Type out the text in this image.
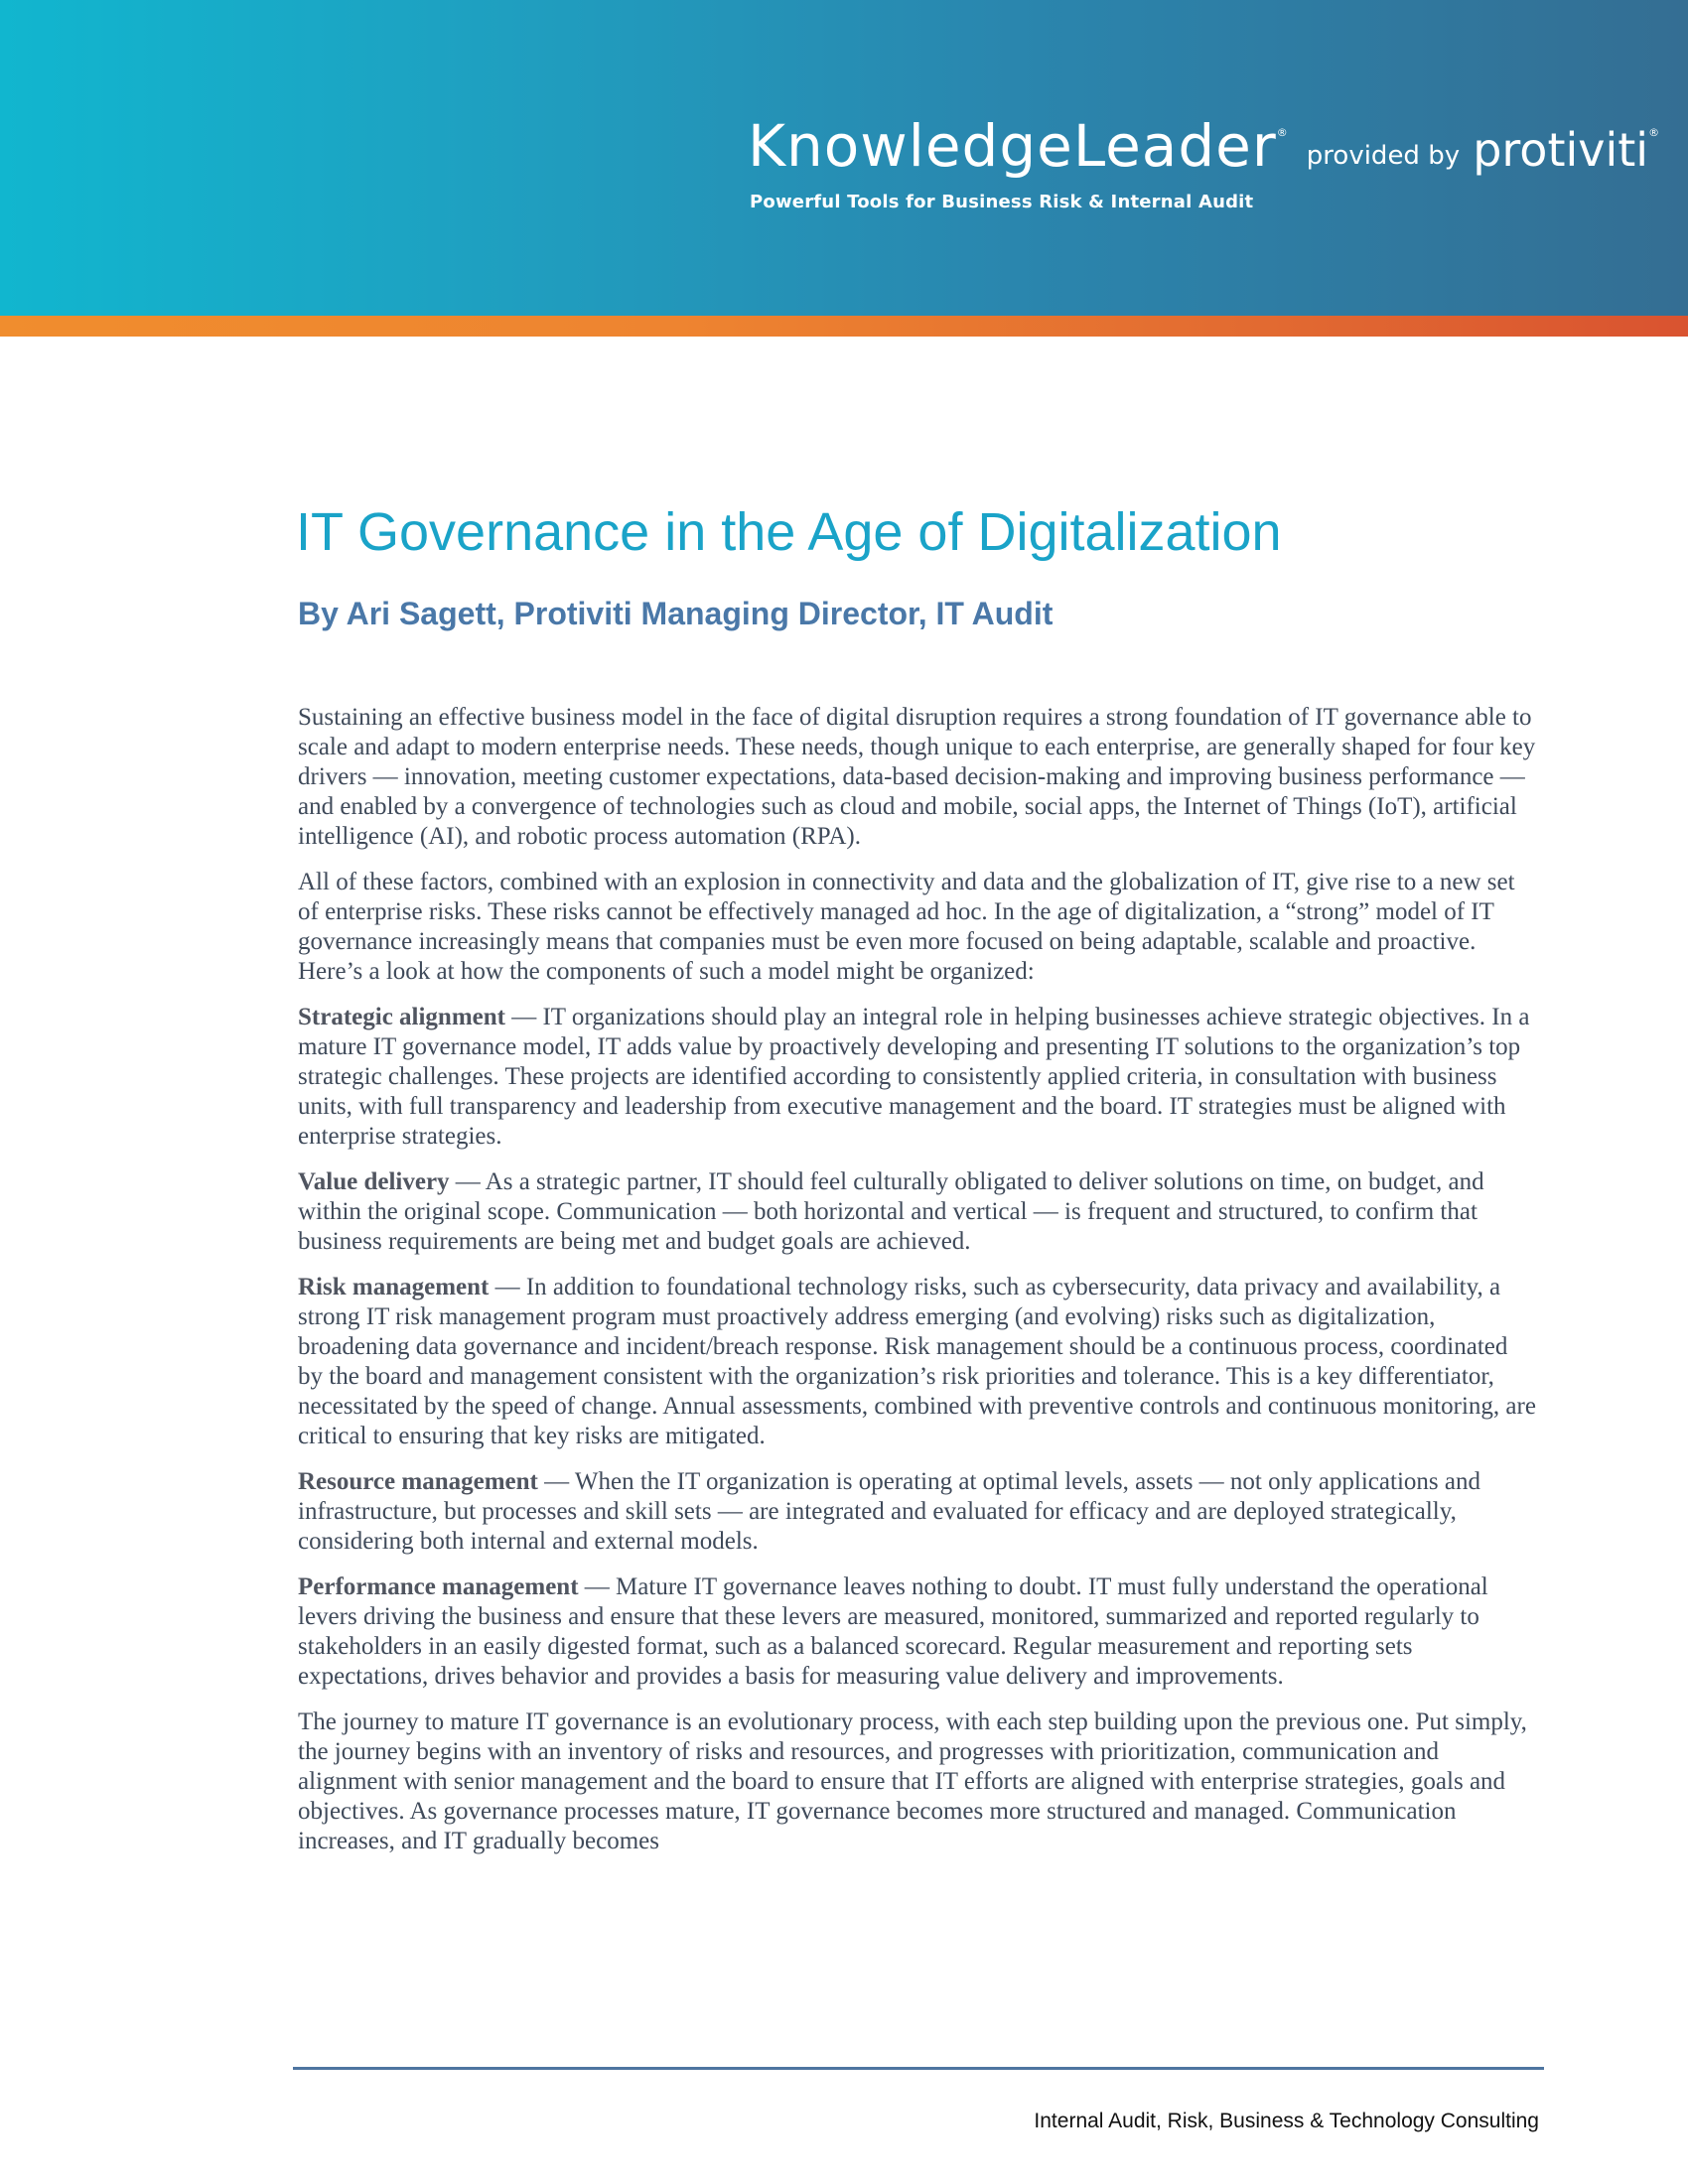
KnowledgeLeader® provided by protiviti®
Powerful Tools for Business Risk & Internal Audit
IT Governance in the Age of Digitalization
By Ari Sagett, Protiviti Managing Director, IT Audit

Sustaining an effective business model in the face of digital disruption requires a strong foundation of IT governance able to scale and adapt to modern enterprise needs. These needs, though unique to each enterprise, are generally shaped for four key drivers — innovation, meeting customer expectations, data-based decision-making and improving business performance — and enabled by a convergence of technologies such as cloud and mobile, social apps, the Internet of Things (IoT), artificial intelligence (AI), and robotic process automation (RPA).

All of these factors, combined with an explosion in connectivity and data and the globalization of IT, give rise to a new set of enterprise risks. These risks cannot be effectively managed ad hoc. In the age of digitalization, a “strong” model of IT governance increasingly means that companies must be even more focused on being adaptable, scalable and proactive. Here’s a look at how the components of such a model might be organized:

Strategic alignment — IT organizations should play an integral role in helping businesses achieve strategic objectives. In a mature IT governance model, IT adds value by proactively developing and presenting IT solutions to the organization’s top strategic challenges. These projects are identified according to consistently applied criteria, in consultation with business units, with full transparency and leadership from executive management and the board. IT strategies must be aligned with enterprise strategies.

Value delivery — As a strategic partner, IT should feel culturally obligated to deliver solutions on time, on budget, and within the original scope. Communication — both horizontal and vertical — is frequent and structured, to confirm that business requirements are being met and budget goals are achieved.

Risk management — In addition to foundational technology risks, such as cybersecurity, data privacy and availability, a strong IT risk management program must proactively address emerging (and evolving) risks such as digitalization, broadening data governance and incident/breach response. Risk management should be a continuous process, coordinated by the board and management consistent with the organization’s risk priorities and tolerance. This is a key differentiator, necessitated by the speed of change. Annual assessments, combined with preventive controls and continuous monitoring, are critical to ensuring that key risks are mitigated.

Resource management — When the IT organization is operating at optimal levels, assets — not only applications and infrastructure, but processes and skill sets — are integrated and evaluated for efficacy and are deployed strategically, considering both internal and external models.

Performance management — Mature IT governance leaves nothing to doubt. IT must fully understand the operational levers driving the business and ensure that these levers are measured, monitored, summarized and reported regularly to stakeholders in an easily digested format, such as a balanced scorecard. Regular measurement and reporting sets expectations, drives behavior and provides a basis for measuring value delivery and improvements.

The journey to mature IT governance is an evolutionary process, with each step building upon the previous one. Put simply, the journey begins with an inventory of risks and resources, and progresses with prioritization, communication and alignment with senior management and the board to ensure that IT efforts are aligned with enterprise strategies, goals and objectives. As governance processes mature, IT governance becomes more structured and managed. Communication increases, and IT gradually becomes

Internal Audit, Risk, Business & Technology Consulting
